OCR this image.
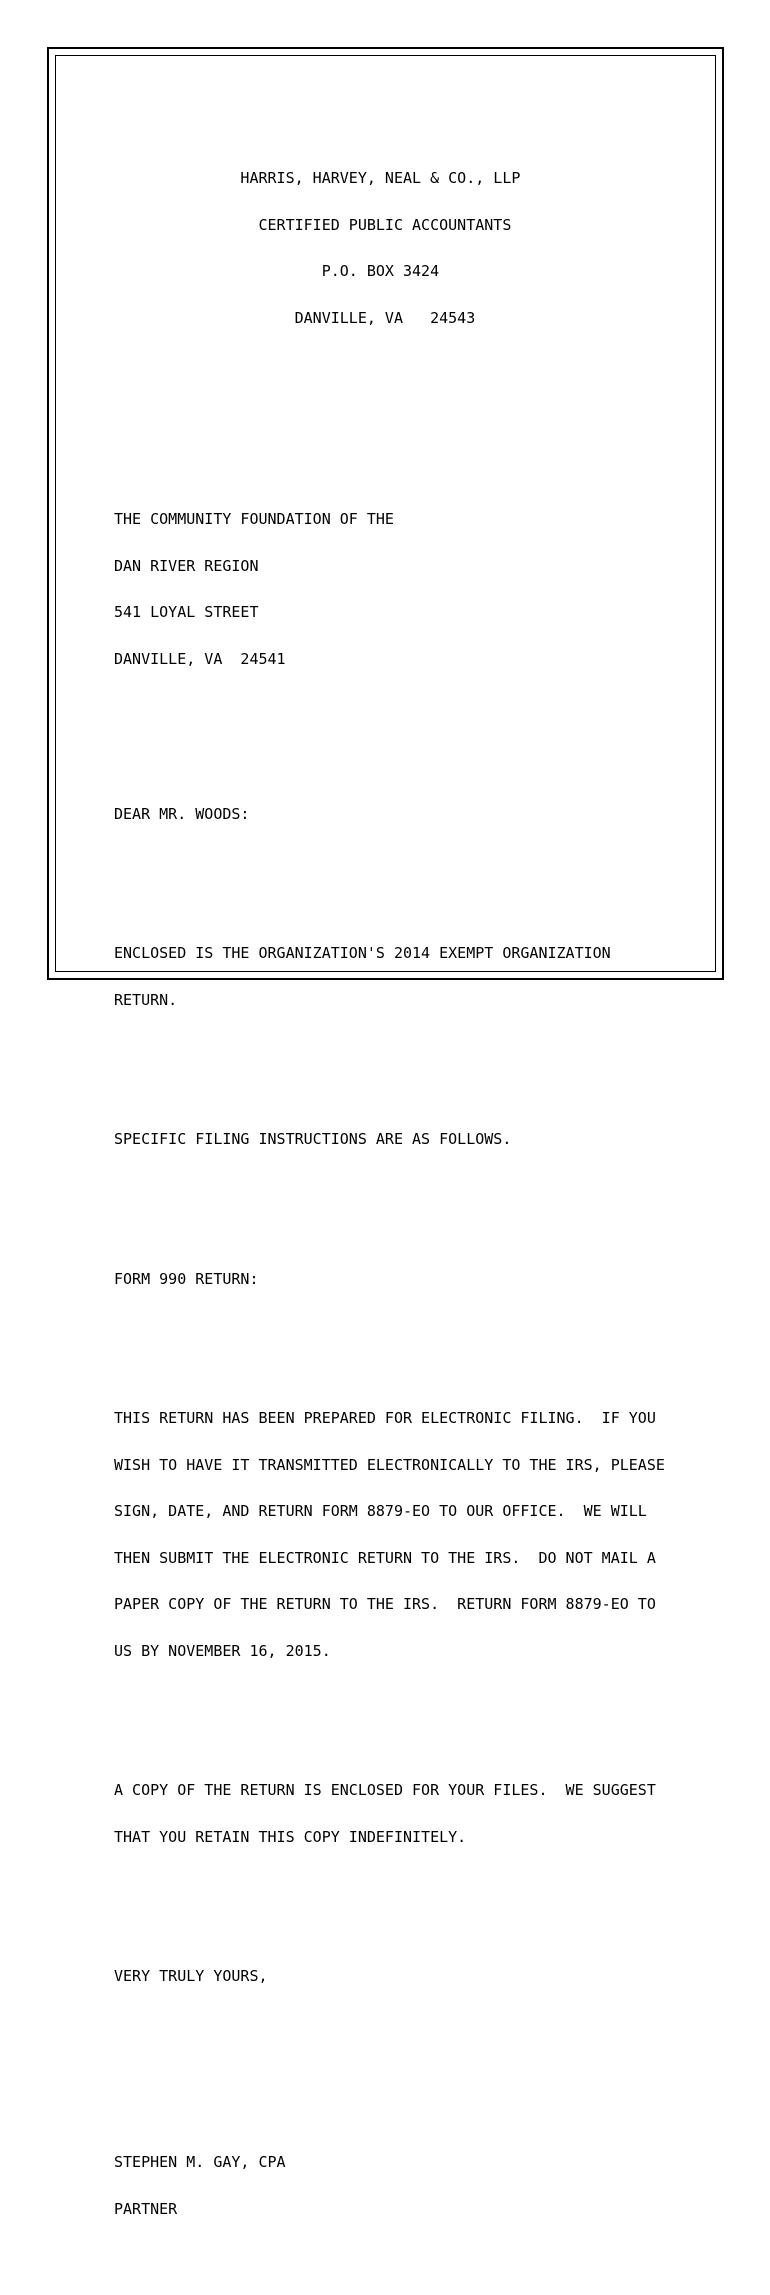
HARRIS, HARVEY, NEAL & CO., LLP

CERTIFIED PUBLIC ACCOUNTANTS

P.O. BOX 3424

DANVILLE, VA   24543

THE COMMUNITY FOUNDATION OF THE

DAN RIVER REGION

541 LOYAL STREET

DANVILLE, VA  24541

DEAR MR. WOODS:

ENCLOSED IS THE ORGANIZATION'S 2014 EXEMPT ORGANIZATION

RETURN.

SPECIFIC FILING INSTRUCTIONS ARE AS FOLLOWS.

FORM 990 RETURN:

THIS RETURN HAS BEEN PREPARED FOR ELECTRONIC FILING.  IF YOU

WISH TO HAVE IT TRANSMITTED ELECTRONICALLY TO THE IRS, PLEASE

SIGN, DATE, AND RETURN FORM 8879-EO TO OUR OFFICE.  WE WILL

THEN SUBMIT THE ELECTRONIC RETURN TO THE IRS.  DO NOT MAIL A

PAPER COPY OF THE RETURN TO THE IRS.  RETURN FORM 8879-EO TO

US BY NOVEMBER 16, 2015.

A COPY OF THE RETURN IS ENCLOSED FOR YOUR FILES.  WE SUGGEST

THAT YOU RETAIN THIS COPY INDEFINITELY.

VERY TRULY YOURS,

STEPHEN M. GAY, CPA

PARTNER
